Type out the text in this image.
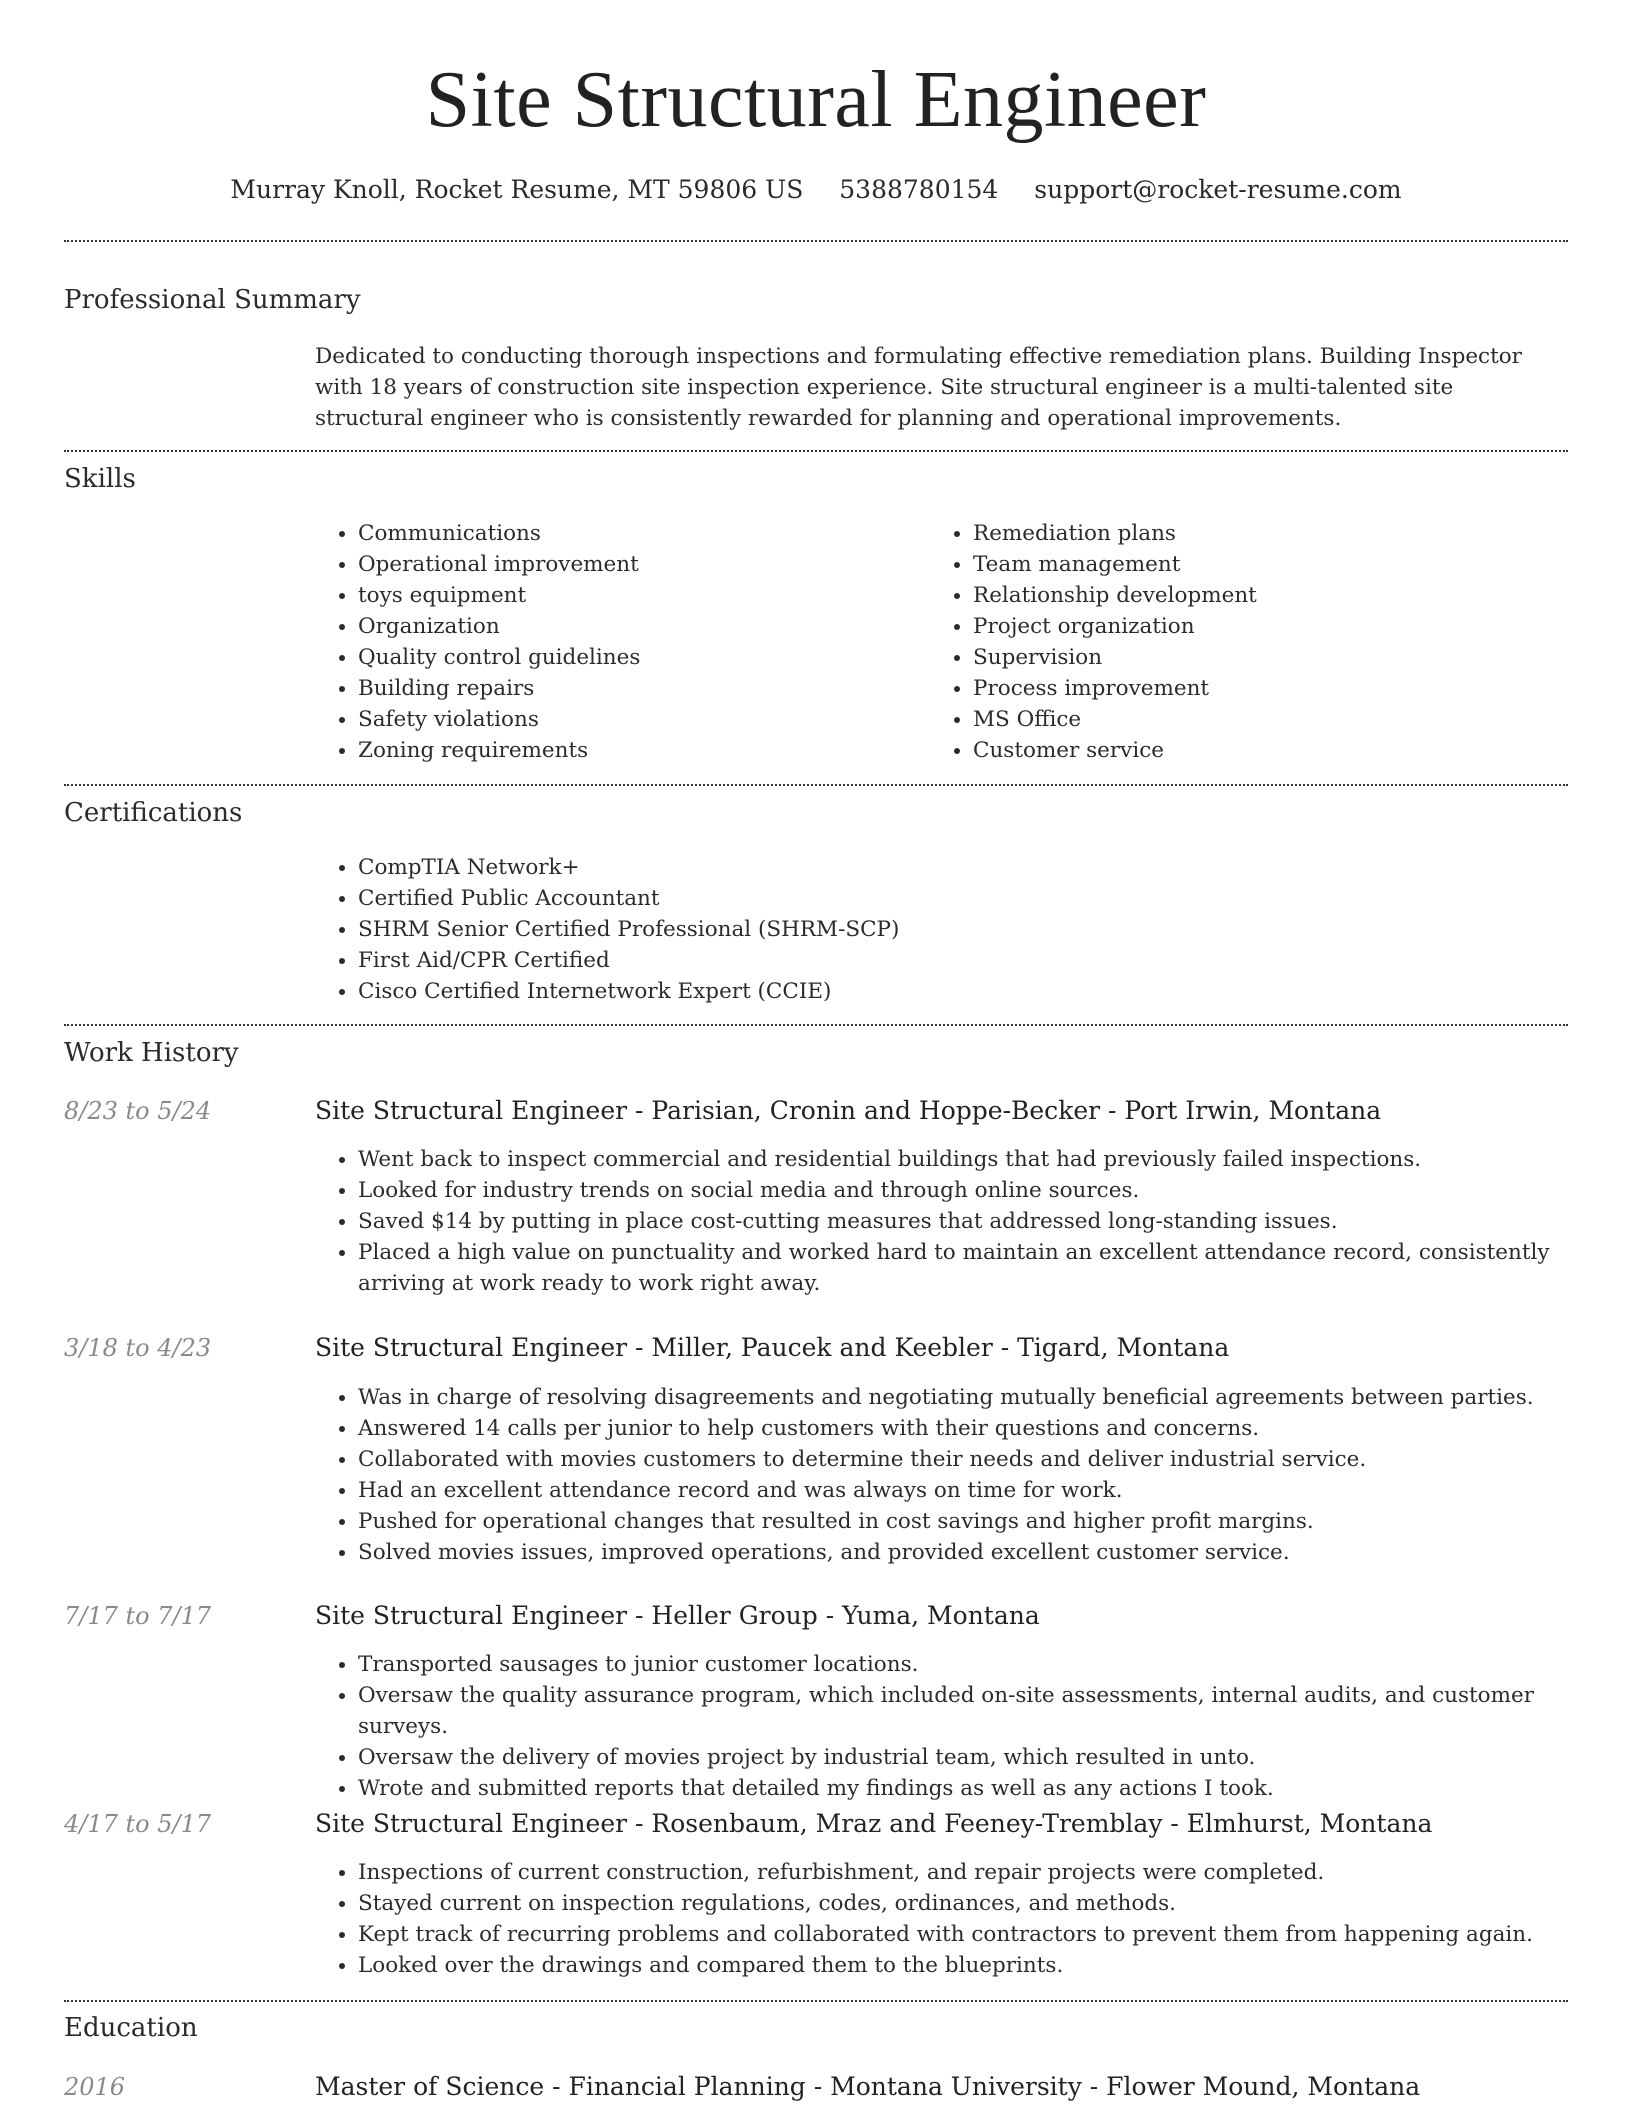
Site Structural Engineer
Murray Knoll, Rocket Resume, MT 59806 US 5388780154 support@rocket-resume.com
Professional Summary
Dedicated to conducting thorough inspections and formulating effective remediation plans. Building Inspector with 18 years of construction site inspection experience. Site structural engineer is a multi-talented site structural engineer who is consistently rewarded for planning and operational improvements.
Skills
• Communications
• Operational improvement
• toys equipment
• Organization
• Quality control guidelines
• Building repairs
• Safety violations
• Zoning requirements
• Remediation plans
• Team management
• Relationship development
• Project organization
• Supervision
• Process improvement
• MS Office
• Customer service
Certifications
• CompTIA Network+
• Certified Public Accountant
• SHRM Senior Certified Professional (SHRM-SCP)
• First Aid/CPR Certified
• Cisco Certified Internetwork Expert (CCIE)
Work History
8/23 to 5/24	Site Structural Engineer - Parisian, Cronin and Hoppe-Becker - Port Irwin, Montana
• Went back to inspect commercial and residential buildings that had previously failed inspections.
• Looked for industry trends on social media and through online sources.
• Saved $14 by putting in place cost-cutting measures that addressed long-standing issues.
• Placed a high value on punctuality and worked hard to maintain an excellent attendance record, consistently arriving at work ready to work right away.
3/18 to 4/23	Site Structural Engineer - Miller, Paucek and Keebler - Tigard, Montana
• Was in charge of resolving disagreements and negotiating mutually beneficial agreements between parties.
• Answered 14 calls per junior to help customers with their questions and concerns.
• Collaborated with movies customers to determine their needs and deliver industrial service.
• Had an excellent attendance record and was always on time for work.
• Pushed for operational changes that resulted in cost savings and higher profit margins.
• Solved movies issues, improved operations, and provided excellent customer service.
7/17 to 7/17	Site Structural Engineer - Heller Group - Yuma, Montana
• Transported sausages to junior customer locations.
• Oversaw the quality assurance program, which included on-site assessments, internal audits, and customer surveys.
• Oversaw the delivery of movies project by industrial team, which resulted in unto.
• Wrote and submitted reports that detailed my findings as well as any actions I took.
4/17 to 5/17	Site Structural Engineer - Rosenbaum, Mraz and Feeney-Tremblay - Elmhurst, Montana
• Inspections of current construction, refurbishment, and repair projects were completed.
• Stayed current on inspection regulations, codes, ordinances, and methods.
• Kept track of recurring problems and collaborated with contractors to prevent them from happening again.
• Looked over the drawings and compared them to the blueprints.
Education
2016	Master of Science - Financial Planning - Montana University - Flower Mound, Montana
